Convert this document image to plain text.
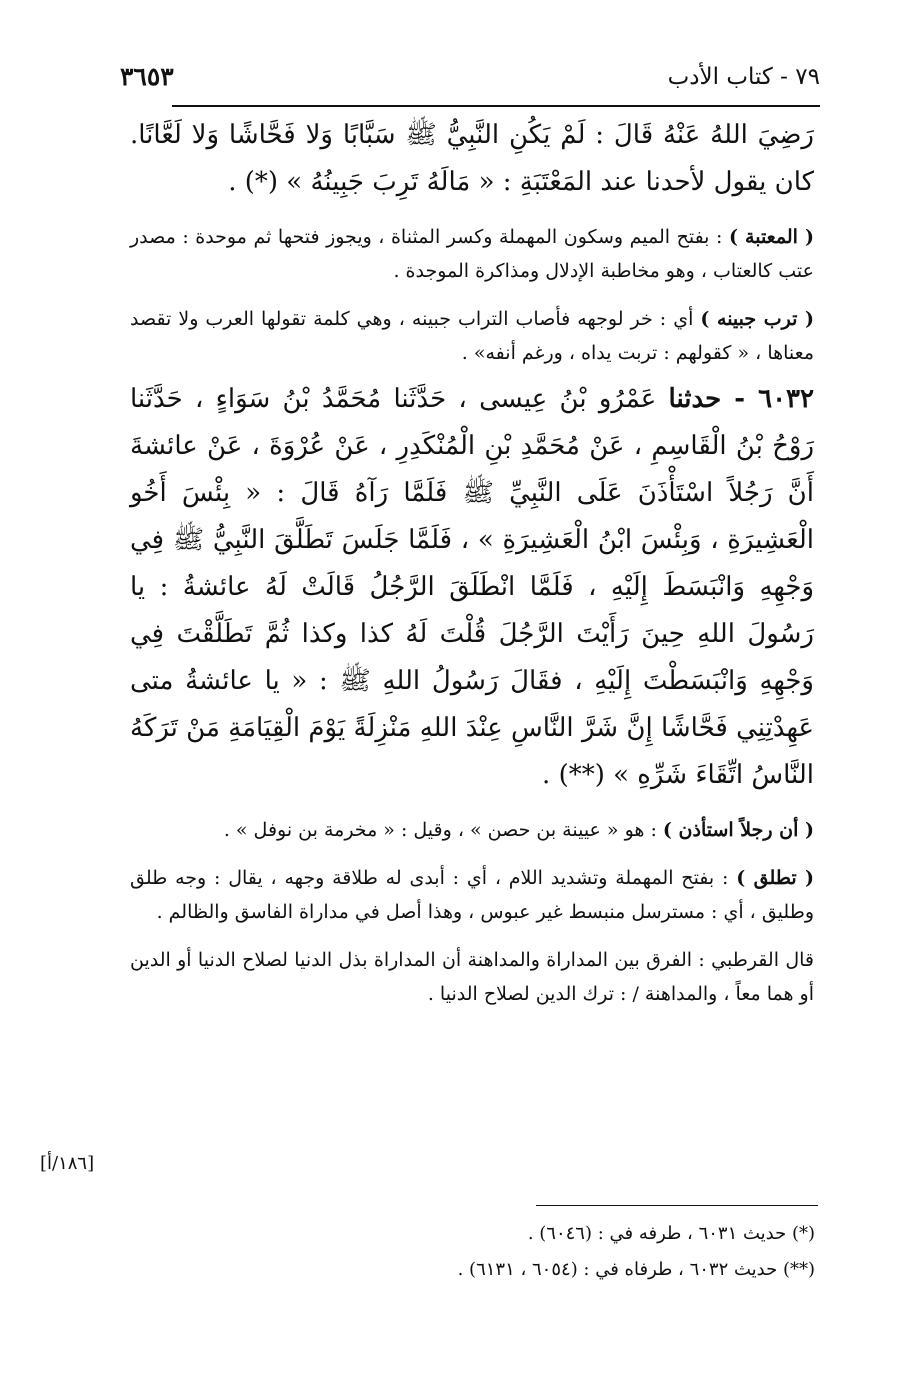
٣٦٥٣	٧٩ - كتاب الأدب

رَضِيَ اللهُ عَنْهُ قَالَ : لَمْ يَكُنِ النَّبِيُّ ﷺ سَبَّابًا وَلا فَحَّاشًا وَلا لَعَّانًا. كان يقول لأحدنا عند المَعْتَبَةِ : « مَالَهُ تَرِبَ جَبِينُهُ » (*) .

( المعتبة ) : بفتح الميم وسكون المهملة وكسر المثناة ، ويجوز فتحها ثم موحدة : مصدر عتب كالعتاب ، وهو مخاطبة الإدلال ومذاكرة الموجدة .

( ترب جبينه ) أي : خر لوجهه فأصاب التراب جبينه ، وهي كلمة تقولها العرب ولا تقصد معناها ، « كقولهم : تربت يداه ، ورغم أنفه» .

٦٠٣٢ - حدثنا عَمْرُو بْنُ عِيسى ، حَدَّثَنا مُحَمَّدُ بْنُ سَوَاءٍ ، حَدَّثَنا رَوْحُ بْنُ الْقَاسِمِ ، عَنْ مُحَمَّدِ بْنِ الْمُنْكَدِرِ ، عَنْ عُرْوَةَ ، عَنْ عائشةَ أَنَّ رَجُلاً اسْتَأْذَنَ عَلَى النَّبِيِّ ﷺ فَلَمَّا رَآهُ قَالَ : « بِئْسَ أَخُو الْعَشِيرَةِ ، وَبِئْسَ ابْنُ الْعَشِيرَةِ » ، فَلَمَّا جَلَسَ تَطَلَّقَ النَّبِيُّ ﷺ فِي وَجْهِهِ وَانْبَسَطَ إِلَيْهِ ، فَلَمَّا انْطَلَقَ الرَّجُلُ قَالَتْ لَهُ عائشةُ : يا رَسُولَ اللهِ حِينَ رَأَيْتَ الرَّجُلَ قُلْتَ لَهُ كذا وكذا ثُمَّ تَطَلَّقْتَ فِي وَجْهِهِ وَانْبَسَطْتَ إِلَيْهِ ، فقَالَ رَسُولُ اللهِ ﷺ : « يا عائشةُ متى عَهِدْتِنِي فَحَّاشًا إِنَّ شَرَّ النَّاسِ عِنْدَ اللهِ مَنْزِلَةً يَوْمَ الْقِيَامَةِ مَنْ تَرَكَهُ النَّاسُ اتِّقَاءَ شَرِّهِ » (**) .

( أن رجلاً استأذن ) : هو « عيينة بن حصن » ، وقيل : « مخرمة بن نوفل » .

( تطلق ) : بفتح المهملة وتشديد اللام ، أي : أبدى له طلاقة وجهه ، يقال : وجه طلق وطليق ، أي : مسترسل منبسط غير عبوس ، وهذا أصل في مداراة الفاسق والظالم .

قال القرطبي : الفرق بين المداراة والمداهنة أن المداراة بذل الدنيا لصلاح الدنيا أو الدين أو هما معاً ، والمداهنة / : ترك الدين لصلاح الدنيا .

[١٨٦/أ]

(*) حديث ٦٠٣١ ، طرفه في : (٦٠٤٦) .

(**) حديث ٦٠٣٢ ، طرفاه في : (٦٠٥٤ ، ٦١٣١) .
